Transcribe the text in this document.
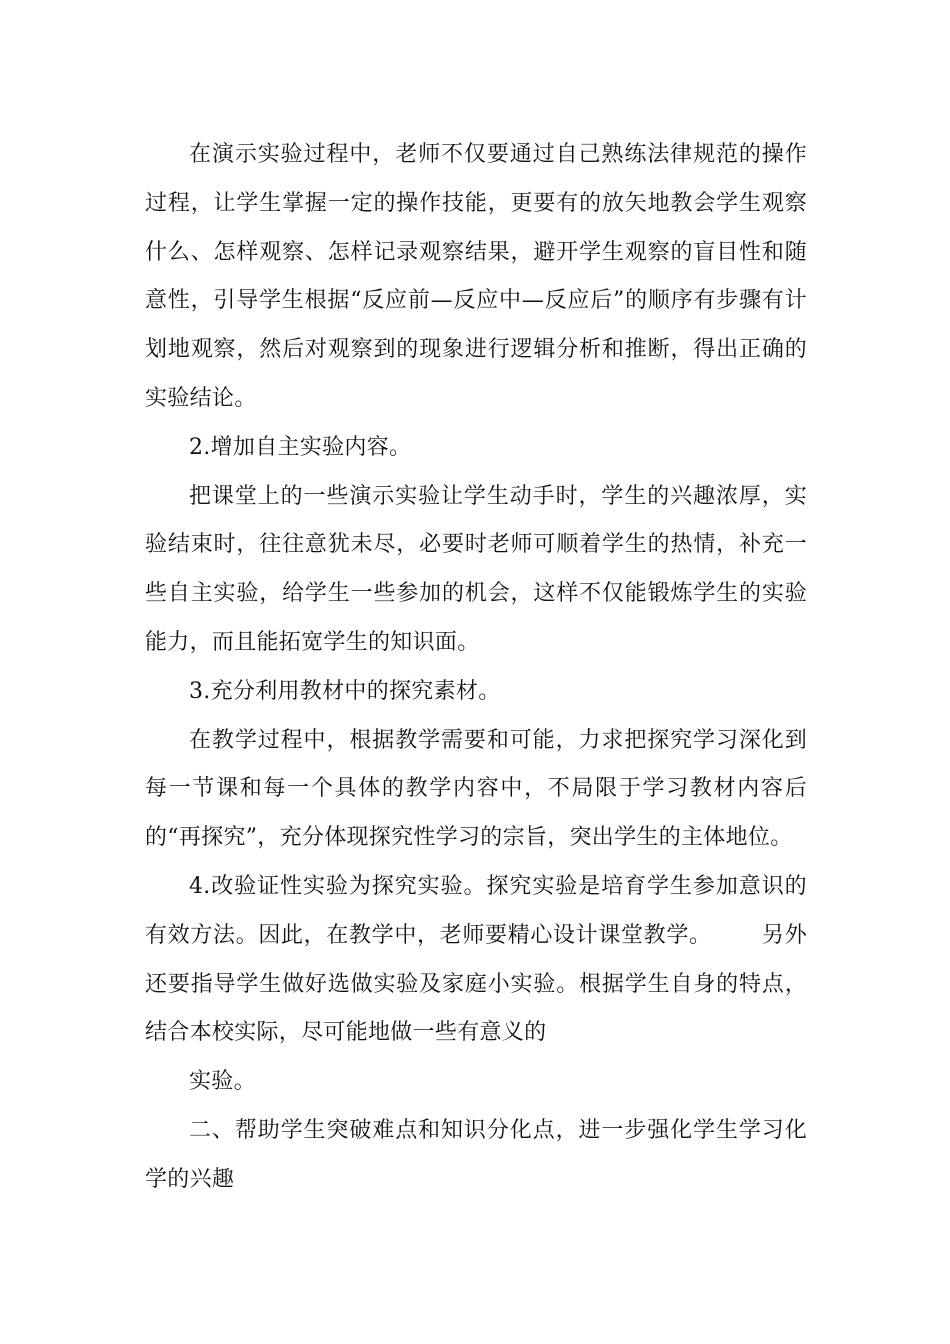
在演示实验过程中，老师不仅要通过自己熟练法律规范的操作过程，让学生掌握一定的操作技能，更要有的放矢地教会学生观察什么、怎样观察、怎样记录观察结果，避开学生观察的盲目性和随意性，引导学生根据“反应前—反应中—反应后”的顺序有步骤有计划地观察，然后对观察到的现象进行逻辑分析和推断，得出正确的实验结论。

2.增加自主实验内容。

把课堂上的一些演示实验让学生动手时，学生的兴趣浓厚，实验结束时，往往意犹未尽，必要时老师可顺着学生的热情，补充一些自主实验，给学生一些参加的机会，这样不仅能锻炼学生的实验能力，而且能拓宽学生的知识面。

3.充分利用教材中的探究素材。

在教学过程中，根据教学需要和可能，力求把探究学习深化到每一节课和每一个具体的教学内容中，不局限于学习教材内容后的“再探究”，充分体现探究性学习的宗旨，突出学生的主体地位。

4.改验证性实验为探究实验。探究实验是培育学生参加意识的有效方法。因此，在教学中，老师要精心设计课堂教学。 另外还要指导学生做好选做实验及家庭小实验。根据学生自身的特点，结合本校实际，尽可能地做一些有意义的

实验。

二、帮助学生突破难点和知识分化点，进一步强化学生学习化学的兴趣
